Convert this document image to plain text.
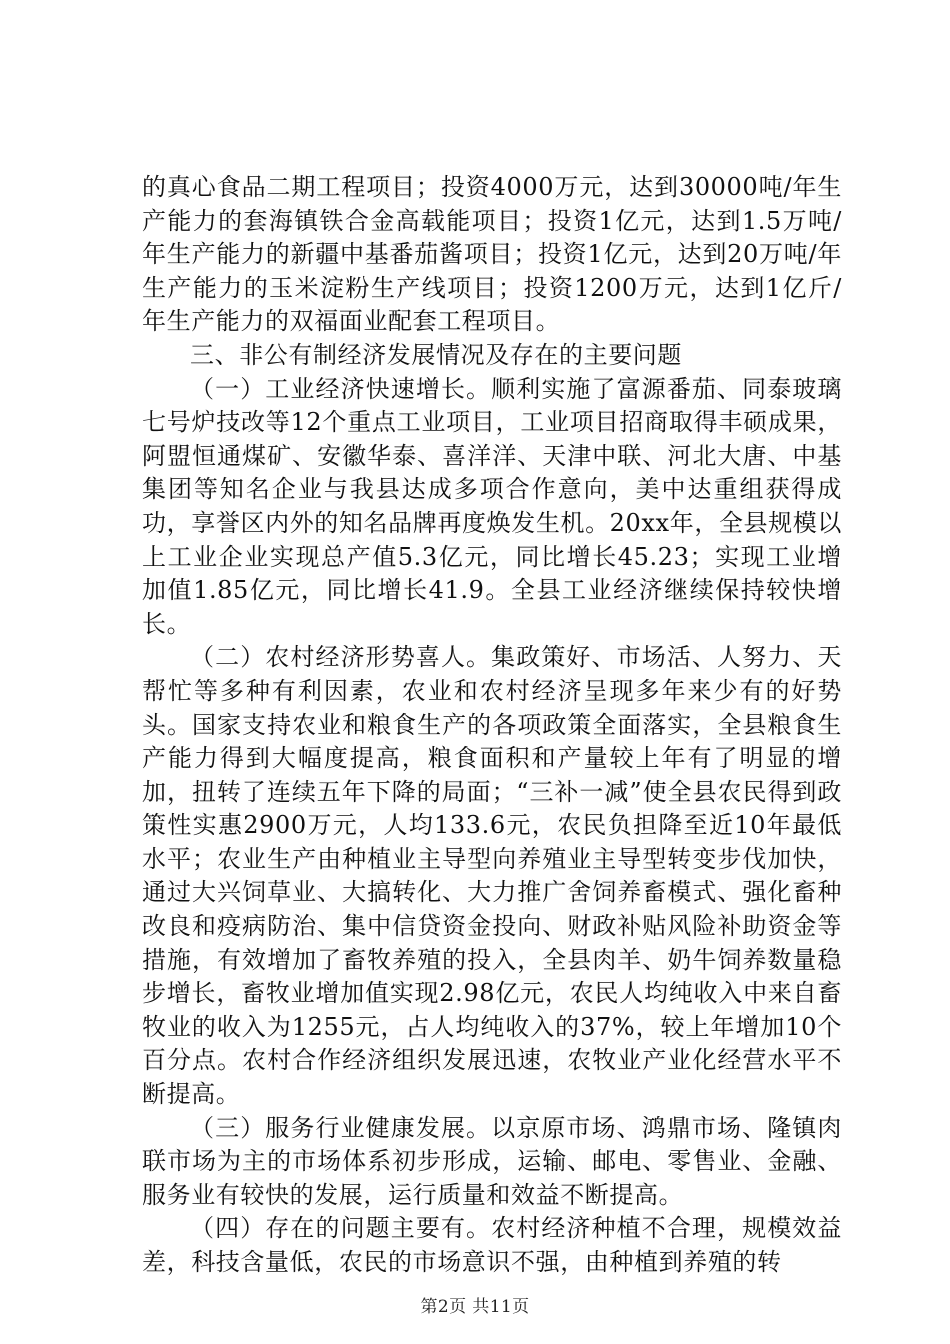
的真心食品二期工程项目；投资4000万元，达到30000吨/年生产能力的套海镇铁合金高载能项目；投资1亿元，达到1.5万吨/年生产能力的新疆中基番茄酱项目；投资1亿元，达到20万吨/年生产能力的玉米淀粉生产线项目；投资1200万元，达到1亿斤/年生产能力的双福面业配套工程项目。

三、非公有制经济发展情况及存在的主要问题

（一）工业经济快速增长。顺利实施了富源番茄、同泰玻璃七号炉技改等12个重点工业项目，工业项目招商取得丰硕成果，阿盟恒通煤矿、安徽华泰、喜洋洋、天津中联、河北大唐、中基集团等知名企业与我县达成多项合作意向，美中达重组获得成功，享誉区内外的知名品牌再度焕发生机。20xx年，全县规模以上工业企业实现总产值5.3亿元，同比增长45.23；实现工业增加值1.85亿元，同比增长41.9。全县工业经济继续保持较快增长。

（二）农村经济形势喜人。集政策好、市场活、人努力、天帮忙等多种有利因素，农业和农村经济呈现多年来少有的好势头。国家支持农业和粮食生产的各项政策全面落实，全县粮食生产能力得到大幅度提高，粮食面积和产量较上年有了明显的增加，扭转了连续五年下降的局面；“三补一减”使全县农民得到政策性实惠2900万元，人均133.6元，农民负担降至近10年最低水平；农业生产由种植业主导型向养殖业主导型转变步伐加快，通过大兴饲草业、大搞转化、大力推广舍饲养畜模式、强化畜种改良和疫病防治、集中信贷资金投向、财政补贴风险补助资金等措施，有效增加了畜牧养殖的投入，全县肉羊、奶牛饲养数量稳步增长，畜牧业增加值实现2.98亿元，农民人均纯收入中来自畜牧业的收入为1255元，占人均纯收入的37%，较上年增加10个百分点。农村合作经济组织发展迅速，农牧业产业化经营水平不断提高。

（三）服务行业健康发展。以京原市场、鸿鼎市场、隆镇肉联市场为主的市场体系初步形成，运输、邮电、零售业、金融、服务业有较快的发展，运行质量和效益不断提高。

（四）存在的问题主要有。农村经济种植不合理，规模效益差，科技含量低，农民的市场意识不强，由种植到养殖的转

第2页 共11页
